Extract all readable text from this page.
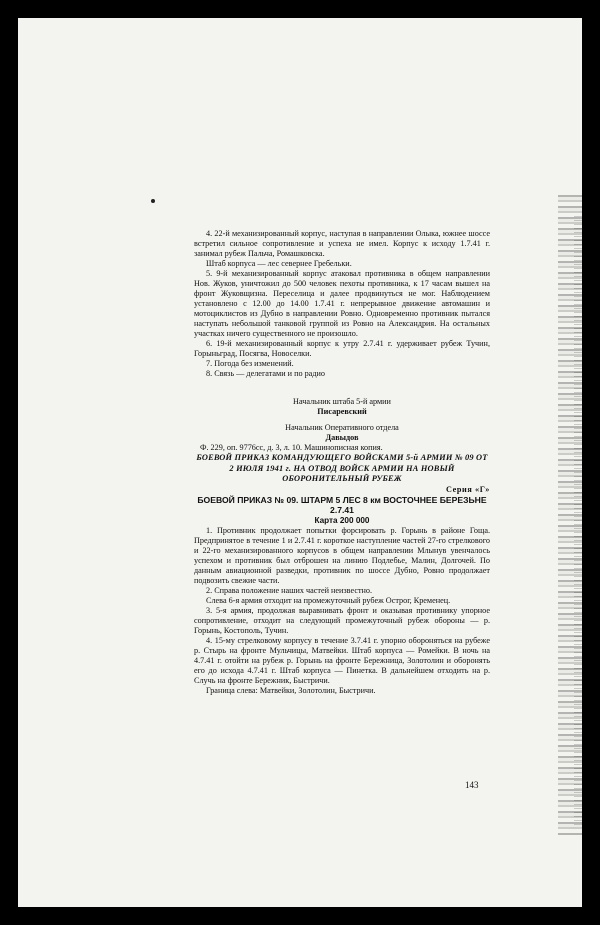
4. 22-й механизированный корпус, наступая в направлении Олыка, южнее шоссе встретил сильное сопротивление и успеха не имел. Корпус к исходу 1.7.41 г. занимал рубеж Пальча, Ромашковска.

Штаб корпуса — лес севернее Гребельки.

5. 9-й механизированный корпус атаковал противника в общем направлении Нов. Жуков, уничтожил до 500 человек пехоты противника, к 17 часам вышел на фронт Жуковщизна. Переселица и далее продвинуться не мог. Наблюдением установлено с 12.00 до 14.00 1.7.41 г. непрерывное движение автомашин и мотоциклистов из Дубно в направлении Ровно. Одновременно противник пытался наступать небольшой танковой группой из Ровно на Александрия. На остальных участках ничего существенного не произошло.

6. 19-й механизированный корпус к утру 2.7.41 г. удерживает рубеж Тучин, Горыньград, Посягва, Новоселки.

7. Погода без изменений.

8. Связь — делегатами и по радио

Начальник штаба 5-й армии

Писаревский

Начальник Оперативного отдела

Давыдов

Ф. 229, оп. 9776сс, д. 3, л. 10. Машинописная копия.

БОЕВОЙ ПРИКАЗ КОМАНДУЮЩЕГО ВОЙСКАМИ 5-й АРМИИ № 09 ОТ 2 ИЮЛЯ 1941 г. НА ОТВОД ВОЙСК АРМИИ НА НОВЫЙ ОБОРОНИТЕЛЬНЫЙ РУБЕЖ

Серия «Г»

БОЕВОЙ ПРИКАЗ № 09. ШТАРМ 5 ЛЕС 8 км ВОСТОЧНЕЕ БЕРЕЗЬНЕ 2.7.41

Карта 200 000

1. Противник продолжает попытки форсировать р. Горынь в районе Гоща. Предпринятое в течение 1 и 2.7.41 г. короткое наступление частей 27-го стрелкового и 22-го механизированного корпусов в общем направлении Млынув увенчалось успехом и противник был отброшен на линию Подлебье, Малин, Долгочей. По данным авиационной разведки, противник по шоссе Дубно, Ровно продолжает подвозить свежие части.

2. Справа положение наших частей неизвестно.

Слева 6-я армия отходит на промежуточный рубеж Острог, Кременец.

3. 5-я армия, продолжая выравнивать фронт и оказывая противнику упорное сопротивление, отходит на следующий промежуточный рубеж обороны — р. Горынь, Костополь, Тучин.

4. 15-му стрелковому корпусу в течение 3.7.41 г. упорно обороняться на рубеже р. Стырь на фронте Мульчицы, Матвейки. Штаб корпуса — Ромейки. В ночь на 4.7.41 г. отойти на рубеж р. Горынь на фронте Бережница, Золотолин и оборонять его до исхода 4.7.41 г. Штаб корпуса — Пинетка. В дальнейшем отходить на р. Случь на фронте Бережник, Быстричи.

Граница слева: Матвейки, Золотолин, Быстричи.

143
